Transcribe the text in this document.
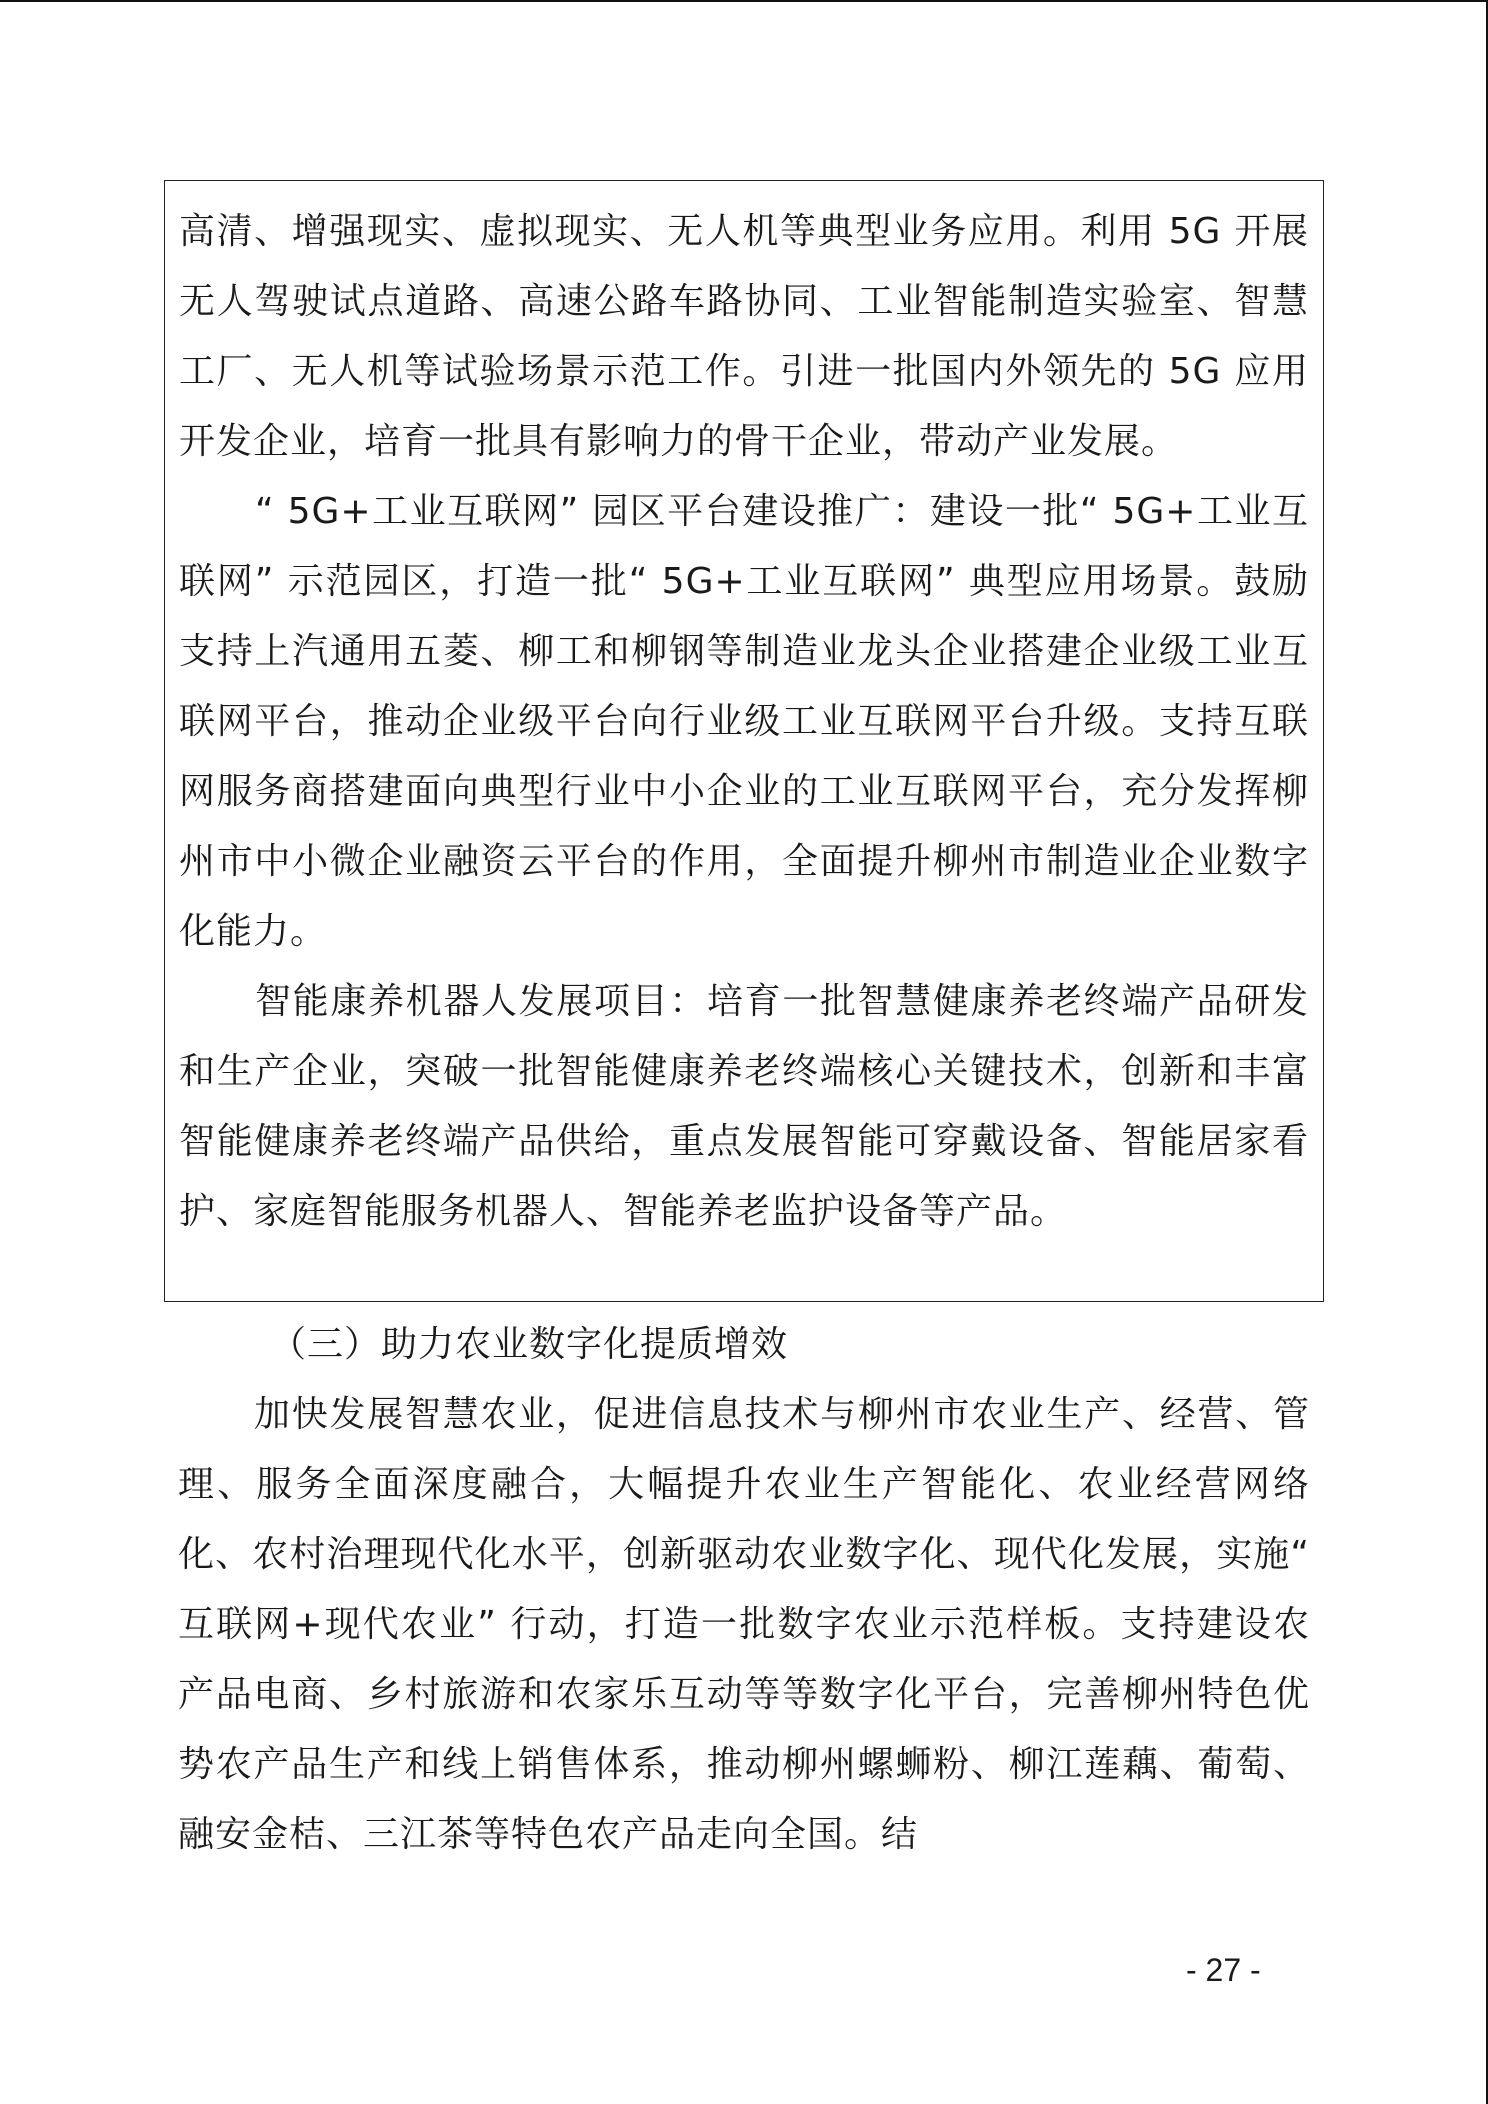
高清、增强现实、虚拟现实、无人机等典型业务应用。利用 5G 开展无人驾驶试点道路、高速公路车路协同、工业智能制造实验室、智慧工厂、无人机等试验场景示范工作。引进一批国内外领先的 5G 应用开发企业，培育一批具有影响力的骨干企业，带动产业发展。

“ 5G+工业互联网” 园区平台建设推广：建设一批“ 5G+工业互联网” 示范园区，打造一批“ 5G+工业互联网” 典型应用场景。鼓励支持上汽通用五菱、柳工和柳钢等制造业龙头企业搭建企业级工业互联网平台，推动企业级平台向行业级工业互联网平台升级。支持互联网服务商搭建面向典型行业中小企业的工业互联网平台，充分发挥柳州市中小微企业融资云平台的作用，全面提升柳州市制造业企业数字化能力。

智能康养机器人发展项目：培育一批智慧健康养老终端产品研发和生产企业，突破一批智能健康养老终端核心关键技术，创新和丰富智能健康养老终端产品供给，重点发展智能可穿戴设备、智能居家看护、家庭智能服务机器人、智能养老监护设备等产品。

（三）助力农业数字化提质增效

加快发展智慧农业，促进信息技术与柳州市农业生产、经营、管理、服务全面深度融合，大幅提升农业生产智能化、农业经营网络化、农村治理现代化水平，创新驱动农业数字化、现代化发展，实施“ 互联网+现代农业” 行动，打造一批数字农业示范样板。支持建设农产品电商、乡村旅游和农家乐互动等等数字化平台，完善柳州特色优势农产品生产和线上销售体系，推动柳州螺蛳粉、柳江莲藕、葡萄、融安金桔、三江茶等特色农产品走向全国。结

- 27 -
